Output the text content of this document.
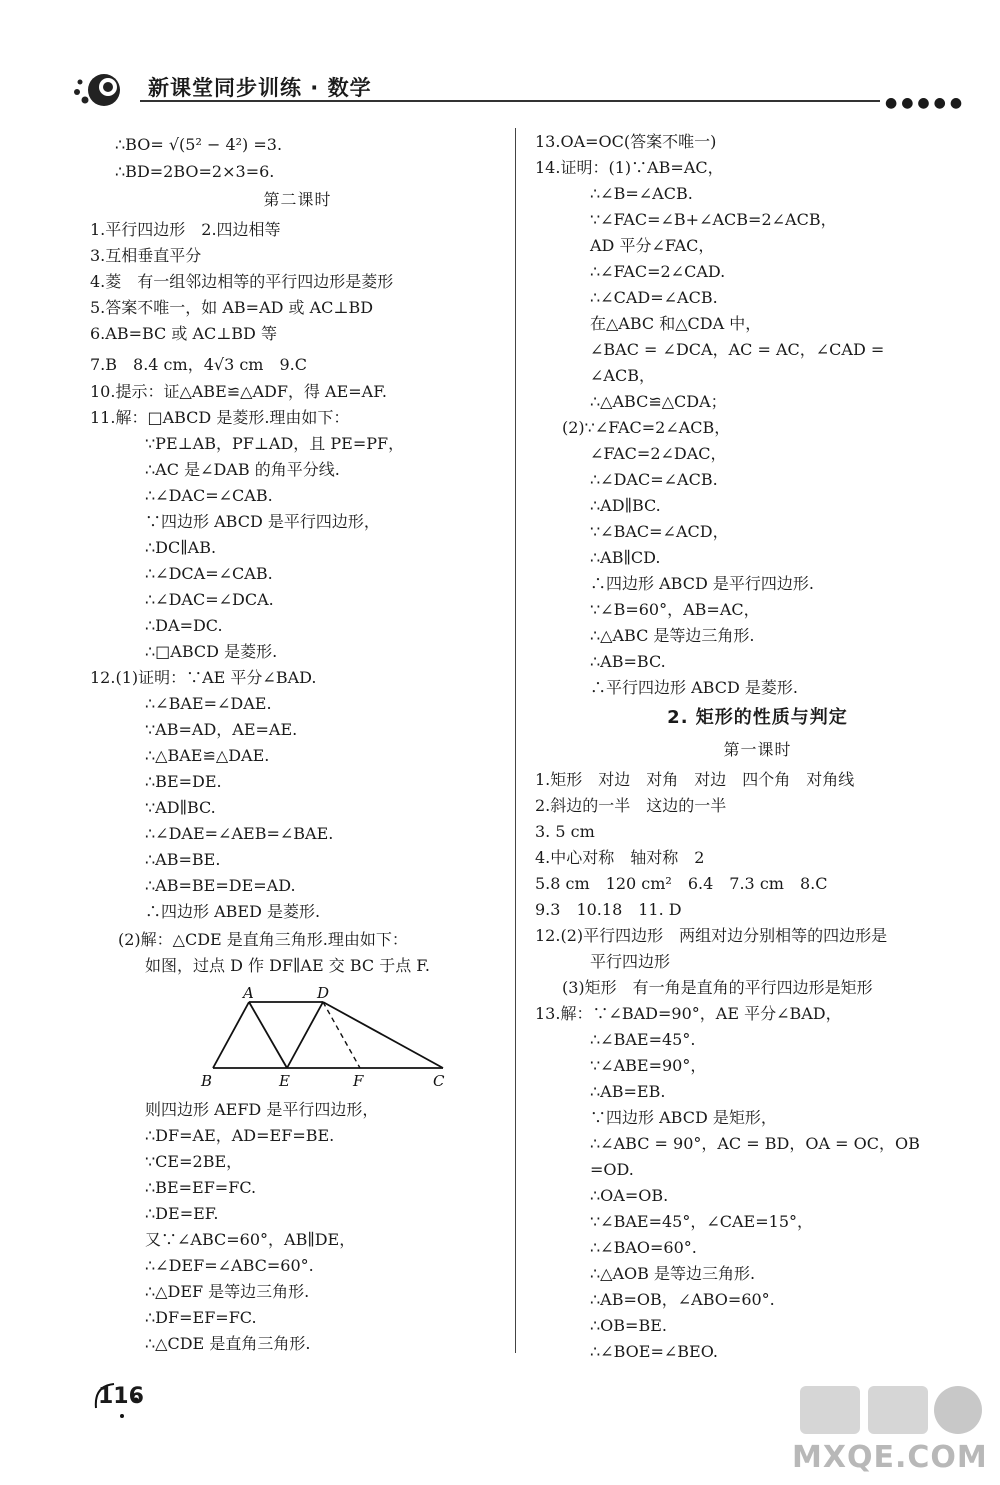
新课堂同步训练 · 数学
●●●●●
∴BO= √(5² − 4²) =3.
∴BD=2BO=2×3=6.
第二课时
1.平行四边形　2.四边相等
3.互相垂直平分
4.菱　有一组邻边相等的平行四边形是菱形
5.答案不唯一，如 AB=AD 或 AC⊥BD
6.AB=BC 或 AC⊥BD 等
7.B　8.4 cm，4√3 cm　9.C
10.提示：证△ABE≌△ADF，得 AE=AF.
11.解：□ABCD 是菱形.理由如下：
∵PE⊥AB，PF⊥AD，且 PE=PF，
∴AC 是∠DAB 的角平分线.
∴∠DAC=∠CAB.
∵四边形 ABCD 是平行四边形，
∴DC∥AB.
∴∠DCA=∠CAB.
∴∠DAC=∠DCA.
∴DA=DC.
∴□ABCD 是菱形.
12.(1)证明：∵AE 平分∠BAD.
∴∠BAE=∠DAE.
∵AB=AD，AE=AE.
∴△BAE≌△DAE.
∴BE=DE.
∵AD∥BC.
∴∠DAE=∠AEB=∠BAE.
∴AB=BE.
∴AB=BE=DE=AD.
∴四边形 ABED 是菱形.
(2)解：△CDE 是直角三角形.理由如下：
如图，过点 D 作 DF∥AE 交 BC 于点 F.
A	D
B	E	F	C
则四边形 AEFD 是平行四边形，
∴DF=AE，AD=EF=BE.
∵CE=2BE，
∴BE=EF=FC.
∴DE=EF.
又∵∠ABC=60°，AB∥DE，
∴∠DEF=∠ABC=60°.
∴△DEF 是等边三角形.
∴DF=EF=FC.
∴△CDE 是直角三角形.
13.OA=OC(答案不唯一)
14.证明：(1)∵AB=AC，
∴∠B=∠ACB.
∵∠FAC=∠B+∠ACB=2∠ACB，
AD 平分∠FAC，
∴∠FAC=2∠CAD.
∴∠CAD=∠ACB.
在△ABC 和△CDA 中，
∠BAC = ∠DCA，AC = AC，∠CAD =
∠ACB，
∴△ABC≌△CDA；
(2)∵∠FAC=2∠ACB，
∠FAC=2∠DAC，
∴∠DAC=∠ACB.
∴AD∥BC.
∵∠BAC=∠ACD，
∴AB∥CD.
∴四边形 ABCD 是平行四边形.
∵∠B=60°，AB=AC，
∴△ABC 是等边三角形.
∴AB=BC.
∴平行四边形 ABCD 是菱形.
2. 矩形的性质与判定
第一课时
1.矩形　对边　对角　对边　四个角　对角线
2.斜边的一半　这边的一半
3. 5 cm
4.中心对称　轴对称　2
5.8 cm　120 cm²　6.4　7.3 cm　8.C
9.3　10.18　11. D
12.(2)平行四边形　两组对边分别相等的四边形是
平行四边形
(3)矩形　有一角是直角的平行四边形是矩形
13.解：∵∠BAD=90°，AE 平分∠BAD，
∴∠BAE=45°.
∵∠ABE=90°，
∴AB=EB.
∵四边形 ABCD 是矩形，
∴∠ABC = 90°，AC = BD，OA = OC，OB
=OD.
∴OA=OB.
∵∠BAE=45°，∠CAE=15°，
∴∠BAO=60°.
∴△AOB 是等边三角形.
∴AB=OB，∠ABO=60°.
∴OB=BE.
∴∠BOE=∠BEO.
116
MXQE.COM
